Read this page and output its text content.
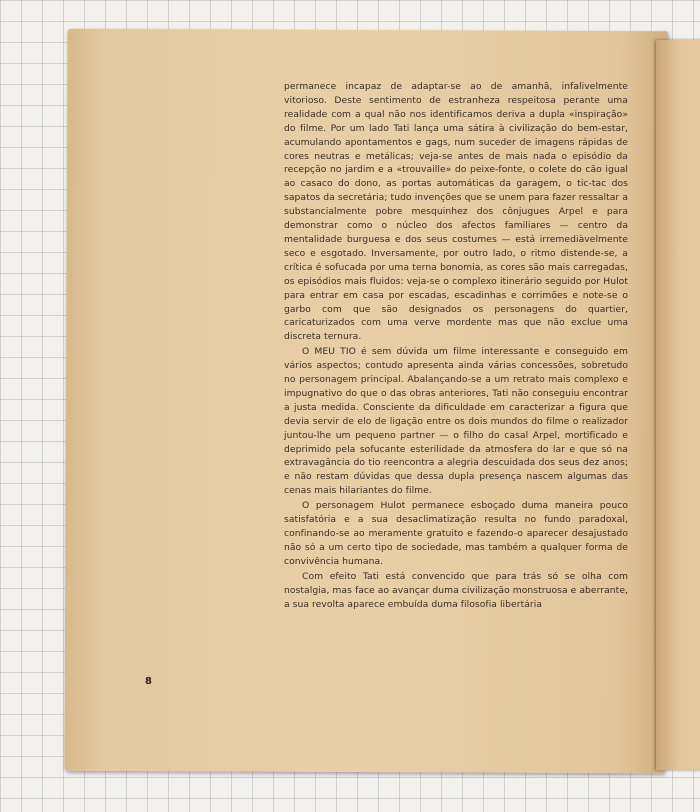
permanece incapaz de adaptar-se ao de amanhã, infalivelmente vitorioso. Deste sentimento de estranheza respeitosa perante uma realidade com a qual não nos identificamos deriva a dupla «inspiração» do filme. Por um lado Tati lança uma sátira à civilização do bem-estar, acumulando apontamentos e gags, num suceder de imagens rápidas de cores neutras e metálicas; veja-se antes de mais nada o episódio da recepção no jardim e a «trouvaille» do peixe-fonte, o colete do cão igual ao casaco do dono, as portas automáticas da garagem, o tic-tac dos sapatos da secretária; tudo invenções que se unem para fazer ressaltar a substancialmente pobre mesquinhez dos cônjugues Arpel e para demonstrar como o núcleo dos afectos familiares — centro da mentalidade burguesa e dos seus costumes — está irremediàvelmente seco e esgotado. Inversamente, por outro lado, o ritmo distende-se, a crítica é sofucada por uma terna bonomia, as cores são mais carregadas, os episódios mais fluidos: veja-se o complexo itinerário seguido por Hulot para entrar em casa por escadas, escadinhas e corrimões e note-se o garbo com que são designados os personagens do quartier, caricaturizados com uma verve mordente mas que não exclue uma discreta ternura.

O MEU TIO é sem dúvida um filme interessante e conseguido em vários aspectos; contudo apresenta ainda várias concessões, sobretudo no personagem principal. Abalançando-se a um retrato mais complexo e impugnativo do que o das obras anteriores, Tati não conseguiu encontrar a justa medida. Consciente da dificuldade em caracterizar a figura que devia servir de elo de ligação entre os dois mundos do filme o realizador juntou-lhe um pequeno partner — o filho do casal Arpel, mortificado e deprimido pela sofucante esterilidade da atmosfera do lar e que só na extravagância do tio reencontra a alegria descuidada dos seus dez anos; e não restam dúvidas que dessa dupla presença nascem algumas das cenas mais hilariantes do filme.

O personagem Hulot permanece esboçado duma maneira pouco satisfatória e a sua desaclimatização resulta no fundo paradoxal, confinando-se ao meramente gratuito e fazendo-o aparecer desajustado não só a um certo tipo de sociedade, mas também a qualquer forma de convivência humana.

Com efeito Tati está convencido que para trás só se olha com nostalgia, mas face ao avançar duma civilização monstruosa e aberrante, a sua revolta aparece embuída duma filosofia libertária

8
